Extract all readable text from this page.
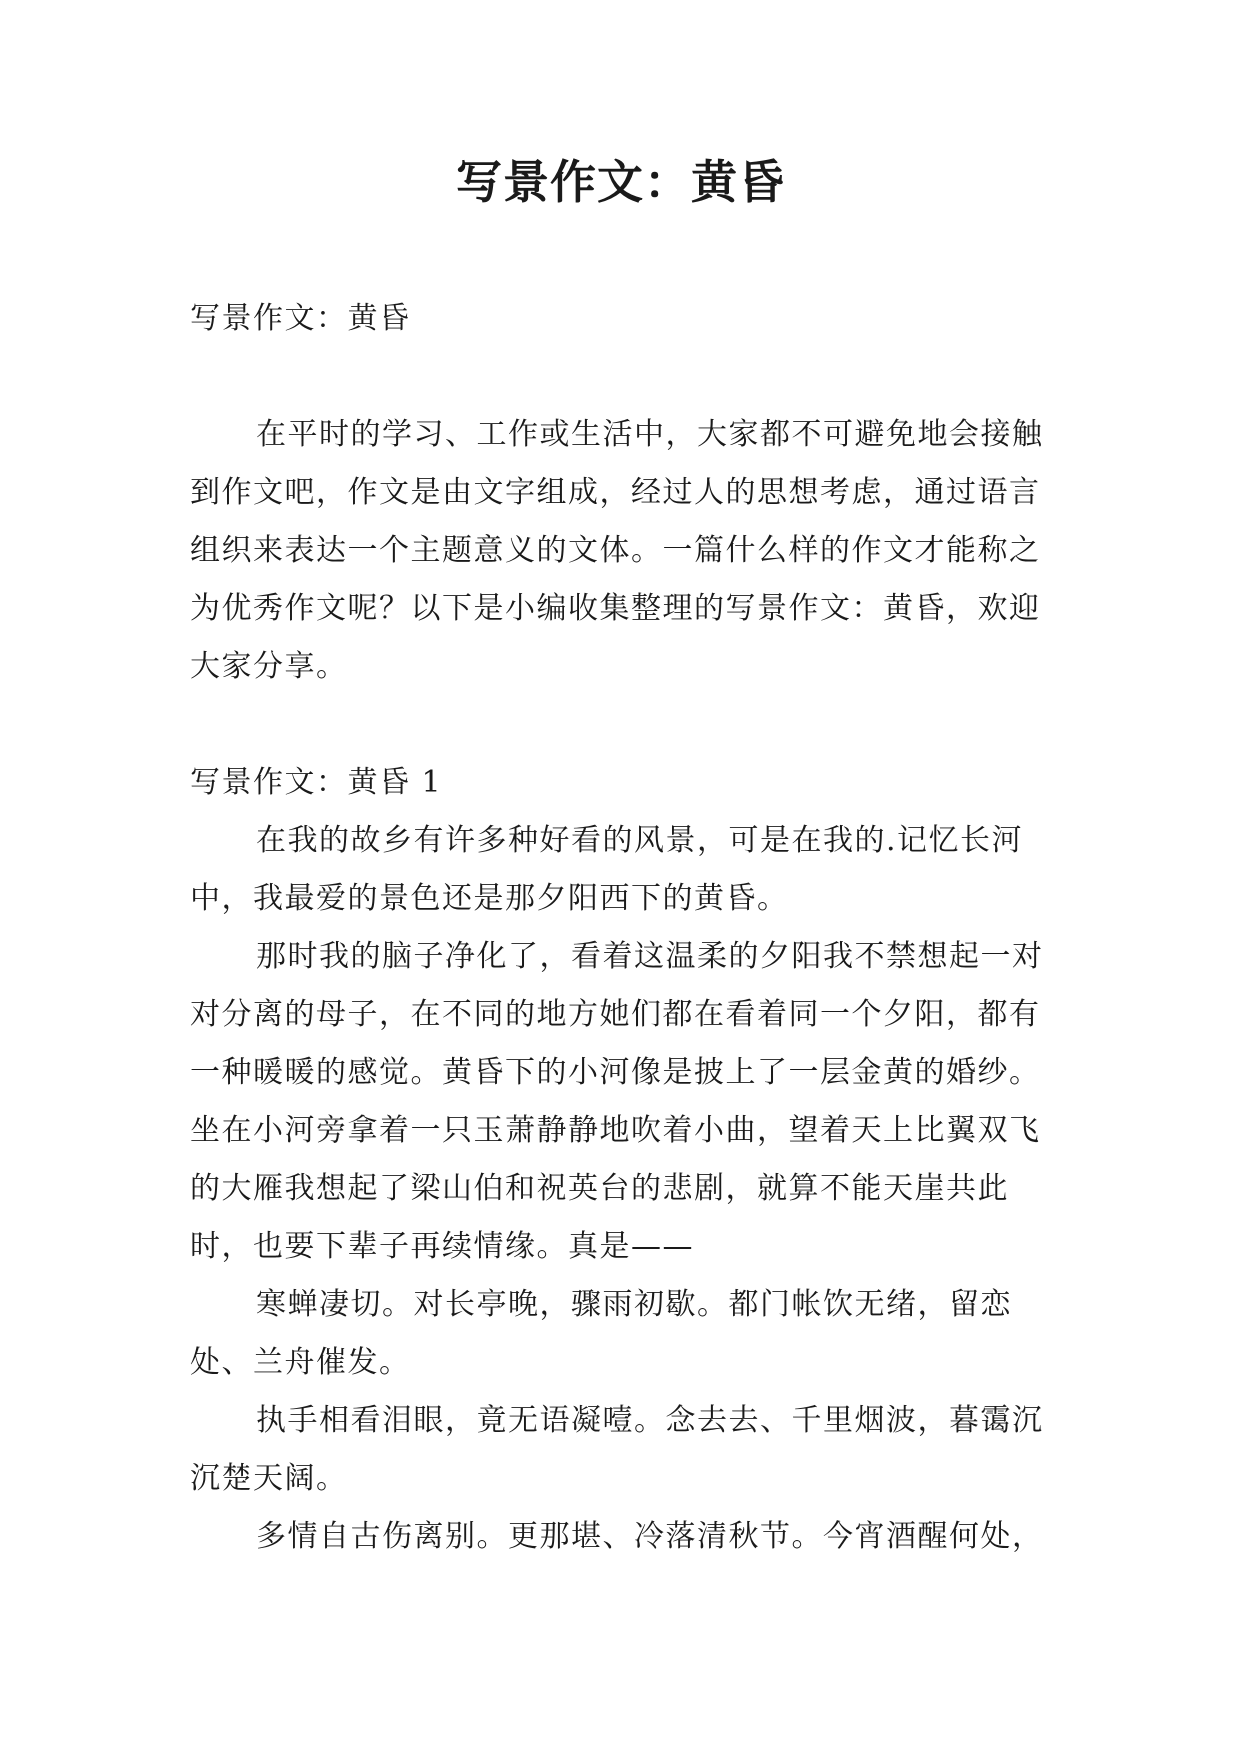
写景作文：黄昏

写景作文：黄昏

在平时的学习、工作或生活中，大家都不可避免地会接触到作文吧，作文是由文字组成，经过人的思想考虑，通过语言组织来表达一个主题意义的文体。一篇什么样的作文才能称之为优秀作文呢？以下是小编收集整理的写景作文：黄昏，欢迎大家分享。

写景作文：黄昏 1

在我的故乡有许多种好看的风景，可是在我的.记忆长河中，我最爱的景色还是那夕阳西下的黄昏。

那时我的脑子净化了，看着这温柔的夕阳我不禁想起一对对分离的母子，在不同的地方她们都在看着同一个夕阳，都有一种暖暖的感觉。黄昏下的小河像是披上了一层金黄的婚纱。坐在小河旁拿着一只玉萧静静地吹着小曲，望着天上比翼双飞的大雁我想起了梁山伯和祝英台的悲剧，就算不能天崖共此时，也要下辈子再续情缘。真是——

寒蝉凄切。对长亭晚，骤雨初歇。都门帐饮无绪，留恋处、兰舟催发。

执手相看泪眼，竟无语凝噎。念去去、千里烟波，暮霭沉沉楚天阔。

多情自古伤离别。更那堪、冷落清秋节。今宵酒醒何处，
